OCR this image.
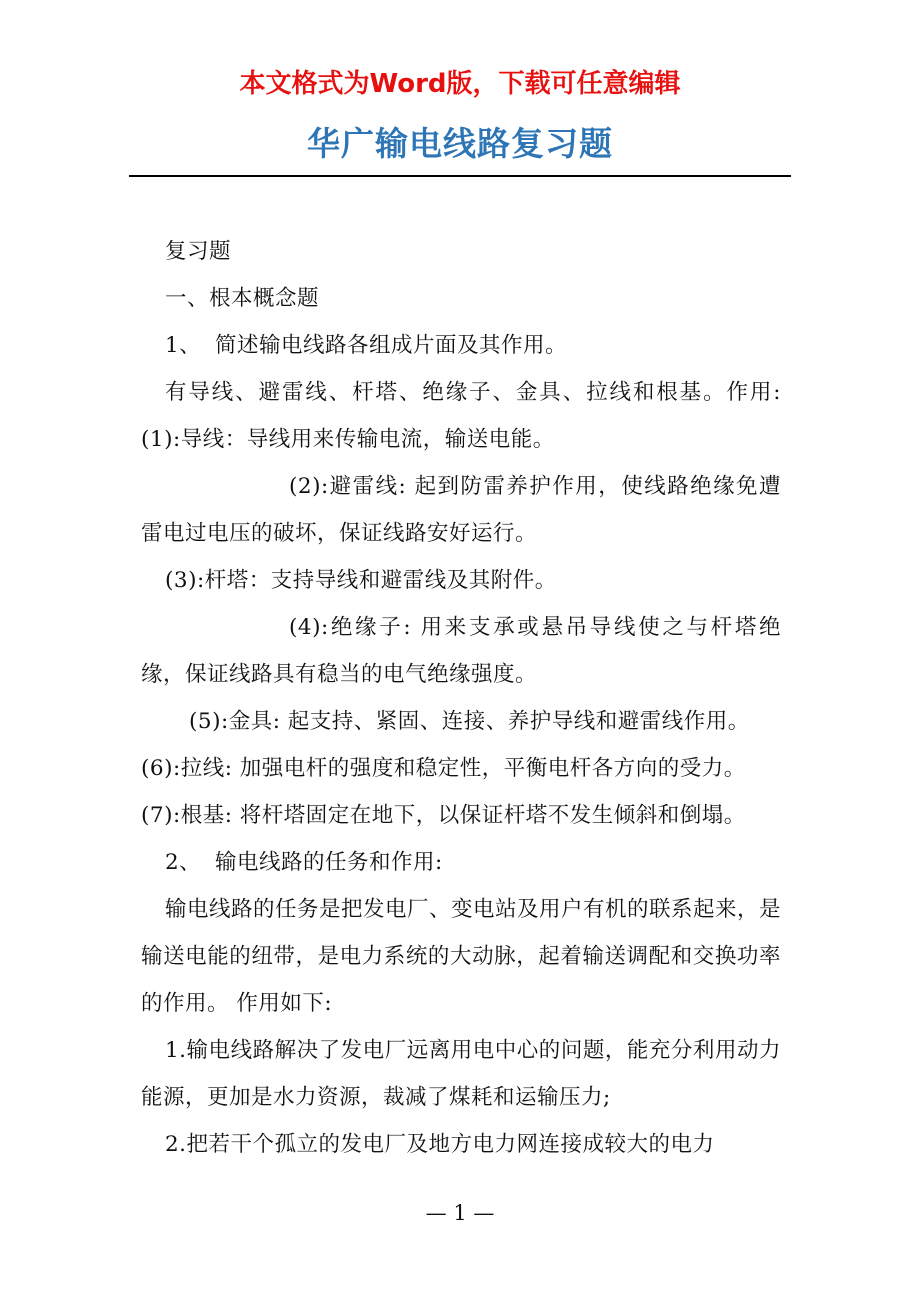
本文格式为Word版，下载可任意编辑
华广输电线路复习题

复习题

一、根本概念题

1、 简述输电线路各组成片面及其作用。

有导线、避雷线、杆塔、绝缘子、金具、拉线和根基。作用: (1):导线：导线用来传输电流，输送电能。

(2):避雷线: 起到防雷养护作用，使线路绝缘免遭雷电过电压的破坏，保证线路安好运行。

(3):杆塔：支持导线和避雷线及其附件。

(4):绝缘子: 用来支承或悬吊导线使之与杆塔绝缘，保证线路具有稳当的电气绝缘强度。

(5):金具: 起支持、紧固、连接、养护导线和避雷线作用。

(6):拉线: 加强电杆的强度和稳定性，平衡电杆各方向的受力。

(7):根基: 将杆塔固定在地下，以保证杆塔不发生倾斜和倒塌。

2、 输电线路的任务和作用:

输电线路的任务是把发电厂、变电站及用户有机的联系起来，是输送电能的纽带，是电力系统的大动脉，起着输送调配和交换功率的作用。 作用如下:

1.输电线路解决了发电厂远离用电中心的问题，能充分利用动力能源，更加是水力资源，裁减了煤耗和运输压力;

2.把若干个孤立的发电厂及地方电力网连接成较大的电力

— 1 —
